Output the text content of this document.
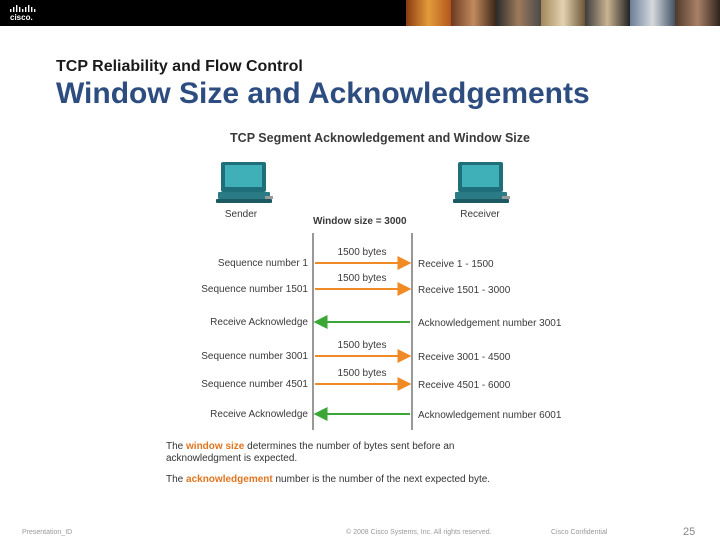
cisco.
TCP Reliability and Flow Control
Window Size and Acknowledgements
TCP Segment Acknowledgement and Window Size
Sender	Receiver
Window size = 3000
Sequence number 1	Receive 1 - 1500
1500 bytes
Sequence number 1501	Receive 1501 - 3000
1500 bytes
Receive Acknowledge	Acknowledgement number 3001
Sequence number 3001	Receive 3001 - 4500
1500 bytes
Sequence number 4501	Receive 4501 - 6000
1500 bytes
Receive Acknowledge	Acknowledgement number 6001
The window size determines the number of bytes sent before an acknowledgment is expected.
The acknowledgement number is the number of the next expected byte.
Presentation_ID	© 2008 Cisco Systems, Inc. All rights reserved.	Cisco Confidential	25
